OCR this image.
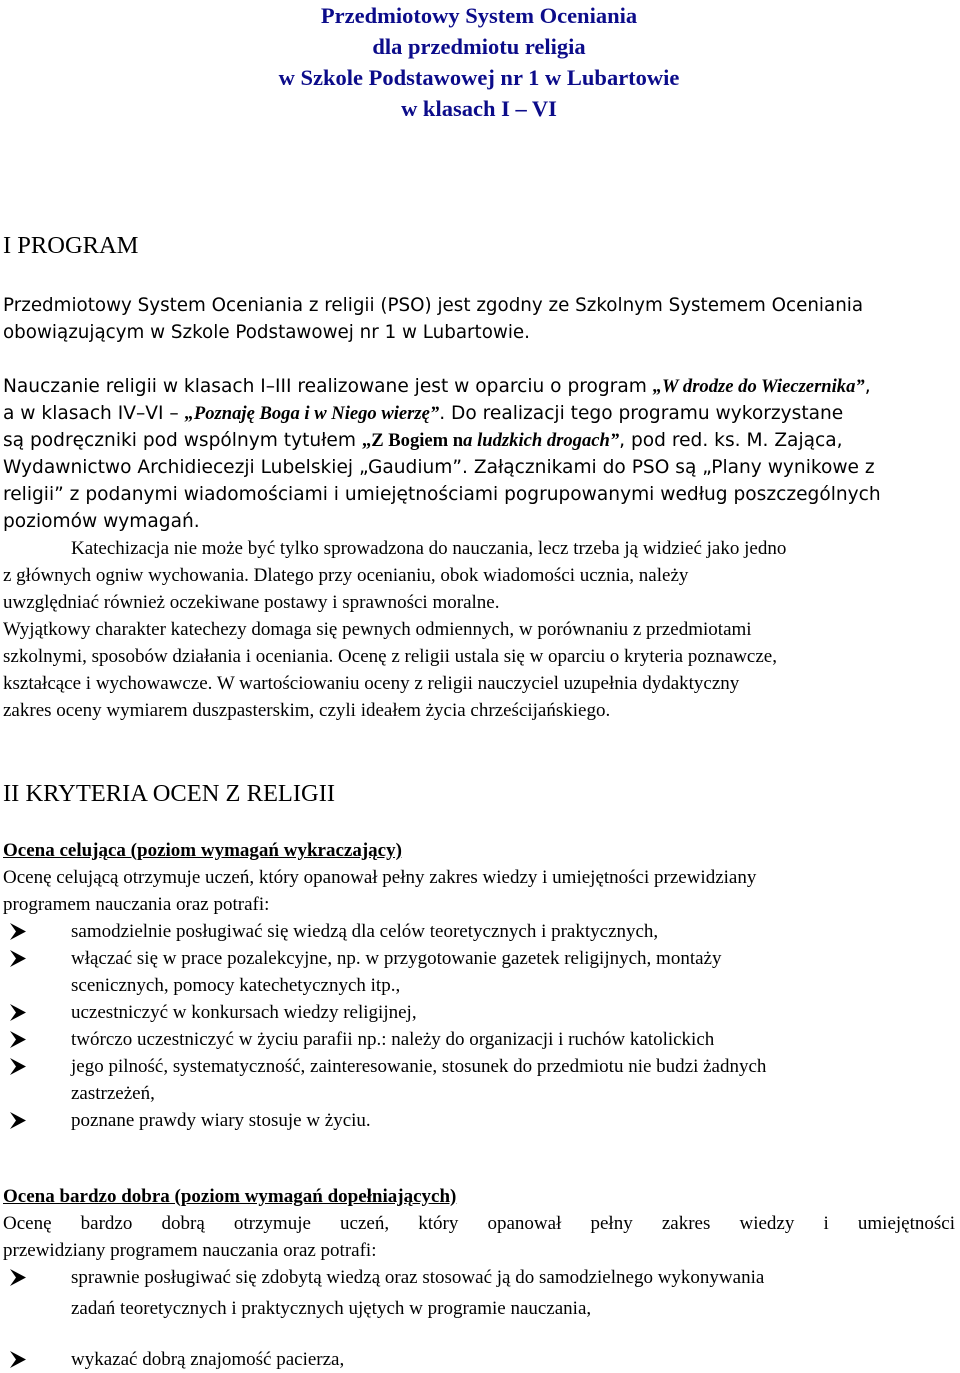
Przedmiotowy System Oceniania
dla przedmiotu religia
w Szkole Podstawowej nr 1 w Lubartowie
w klasach I – VI
I PROGRAM
Przedmiotowy System Oceniania z religii (PSO) jest zgodny ze Szkolnym Systemem Oceniania
obowiązującym w Szkole Podstawowej nr 1 w Lubartowie.
Nauczanie religii w klasach I–III realizowane jest w oparciu o program „W drodze do Wieczernika”,
a w klasach IV–VI – „Poznaję Boga i w Niego wierzę”. Do realizacji tego programu wykorzystane
są podręczniki pod wspólnym tytułem „Z Bogiem na ludzkich drogach”, pod red. ks. M. Zająca,
Wydawnictwo Archidiecezji Lubelskiej „Gaudium”. Załącznikami do PSO są „Plany wynikowe z
religii” z podanymi wiadomościami i umiejętnościami pogrupowanymi według poszczególnych
poziomów wymagań.
Katechizacja nie może być tylko sprowadzona do nauczania, lecz trzeba ją widzieć jako jedno
z głównych ogniw wychowania. Dlatego przy ocenianiu, obok wiadomości ucznia, należy
uwzględniać również oczekiwane postawy i sprawności moralne.
Wyjątkowy charakter katechezy domaga się pewnych odmiennych, w porównaniu z przedmiotami
szkolnymi, sposobów działania i oceniania. Ocenę z religii ustala się w oparciu o kryteria poznawcze,
kształcące i wychowawcze. W wartościowaniu oceny z religii nauczyciel uzupełnia dydaktyczny
zakres oceny wymiarem duszpasterskim, czyli ideałem życia chrześcijańskiego.
II KRYTERIA OCEN Z RELIGII
Ocena celująca (poziom wymagań wykraczający)
Ocenę celującą otrzymuje uczeń, który opanował pełny zakres wiedzy i umiejętności przewidziany
programem nauczania oraz potrafi:
samodzielnie posługiwać się wiedzą dla celów teoretycznych i praktycznych,
włączać się w prace pozalekcyjne, np. w przygotowanie gazetek religijnych, montaży
scenicznych, pomocy katechetycznych itp.,
uczestniczyć w konkursach wiedzy religijnej,
twórczo uczestniczyć w życiu parafii np.: należy do organizacji i ruchów katolickich
jego pilność, systematyczność, zainteresowanie, stosunek do przedmiotu nie budzi żadnych
zastrzeżeń,
poznane prawdy wiary stosuje w życiu.
Ocena bardzo dobra (poziom wymagań dopełniających)
Ocenę bardzo dobrą otrzymuje uczeń, który opanował pełny zakres wiedzy i umiejętności
przewidziany programem nauczania oraz potrafi:
sprawnie posługiwać się zdobytą wiedzą oraz stosować ją do samodzielnego wykonywania
zadań teoretycznych i praktycznych ujętych w programie nauczania,
wykazać dobrą znajomość pacierza,
